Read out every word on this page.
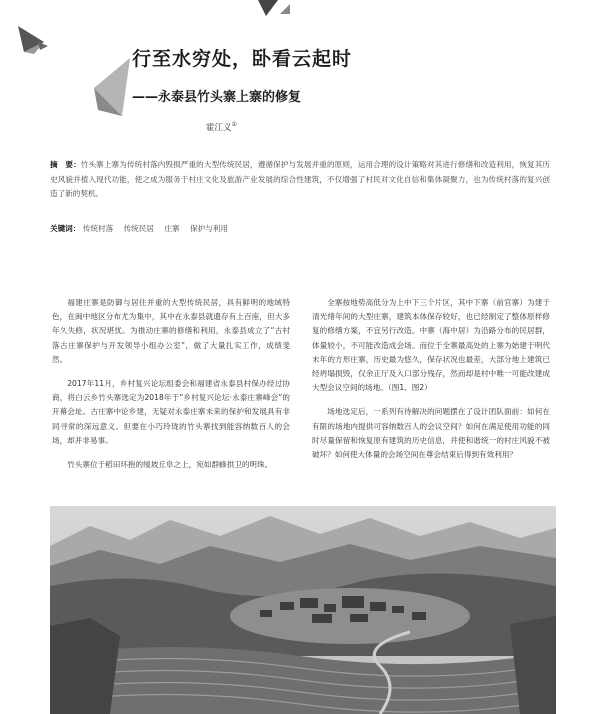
行至水穷处，卧看云起时
——永泰县竹头寨上寨的修复
霍江义①
摘　要：竹头寨上寨为传统村落内毁损严重的大型传统民居，遵循保护与发展并重的原则，运用合理的设计策略对其进行修缮和改造利用，恢复其历史风貌并植入现代功能，使之成为服务于村庄文化及旅游产业发展的综合性建筑，不仅增强了村民对文化自信和集体凝聚力，也为传统村落的复兴创造了新的契机。
关键词： 传统村落 传统民居 庄寨 保护与利用

福建庄寨是防御与居住并重的大型传统民居，具有鲜明的地域特色，在闽中地区分布尤为集中，其中在永泰县就遗存有上百座，但大多年久失修，状况堪忧。为推动庄寨的修缮和利用，永泰县成立了“古村落古庄寨保护与开发领导小组办公室”，做了大量扎实工作，成绩斐然。

2017年11月，乡村复兴论坛组委会和福建省永泰县村保办经过协商，将白云乡竹头寨选定为2018年于“乡村复兴论坛·永泰庄寨峰会”的开幕会址。古庄寨中论乡建，无疑对永泰庄寨未来的保护和发展具有非同寻常的深远意义。但要在小巧玲珑的竹头寨找到能容纳数百人的会场，却并非易事。

竹头寨位于稻田环抱的缓坡丘阜之上，宛如群蜂拱卫的明珠。

全寨按地势高低分为上中下三个片区，其中下寨（前官寨）为建于清光绪年间的大型庄寨，建筑本体保存较好，也已经制定了整体原样修复的修缮方案，不宜另行改造。中寨（海中居）为沿路分布的民居群，体量较小，不可能改造成会场。而位于全寨最高处的上寨为始建于明代末年的方形庄寨，历史最为悠久，保存状况也最差，大部分地上建筑已经坍塌损毁，仅余正厅及入口部分残存，然而却是村中唯一可能改建成大型会议空间的场地。（图1、图2）

场地选定后，一系列有待解决的问题摆在了设计团队面前：如何在有限的场地内提供可容纳数百人的会议空间？如何在满足使用功能的同时尽量保留和恢复原有建筑的历史信息，并使和谐统一的村庄风貌不被破坏？如何使大体量的会场空间在尊会结束后得到有效利用？
